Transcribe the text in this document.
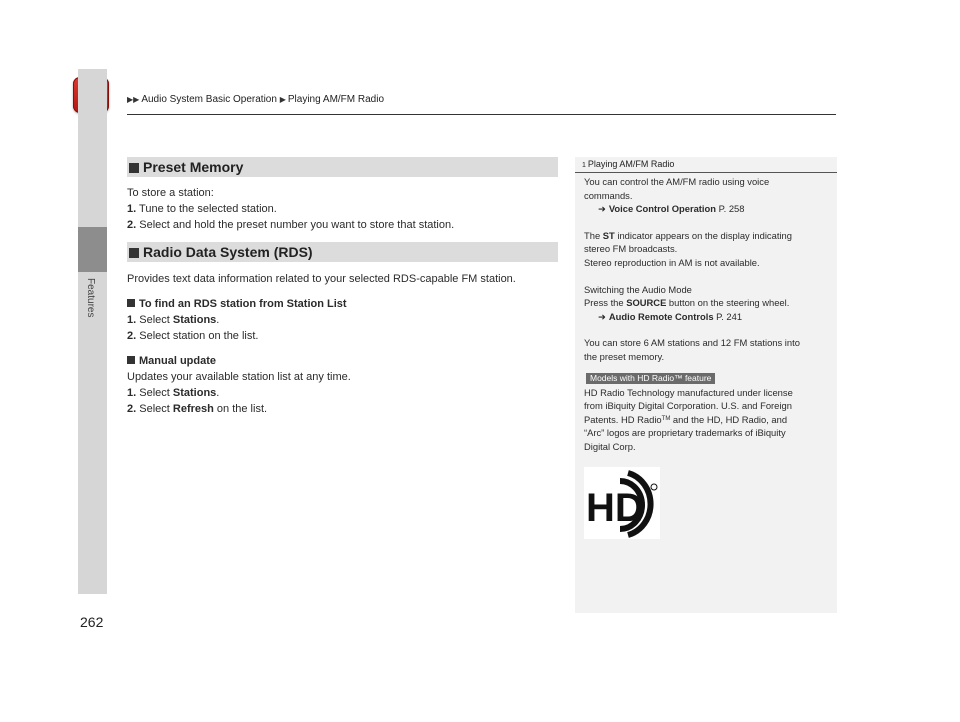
▶▶ Audio System Basic Operation ▶ Playing AM/FM Radio
Features
262
Preset Memory

To store a station:

1. Tune to the selected station.

2. Select and hold the preset number you want to store that station.

Radio Data System (RDS)

Provides text data information related to your selected RDS-capable FM station.

To find an RDS station from Station List

1. Select Stations.

2. Select station on the list.

Manual update

Updates your available station list at any time.

1. Select Stations.

2. Select Refresh on the list.

1 Playing AM/FM Radio

You can control the AM/FM radio using voice

commands.

➜ Voice Control Operation P. 258

The ST indicator appears on the display indicating

stereo FM broadcasts.

Stereo reproduction in AM is not available.

Switching the Audio Mode

Press the SOURCE button on the steering wheel.

➜ Audio Remote Controls P. 241

You can store 6 AM stations and 12 FM stations into

the preset memory.

Models with HD Radio™ feature

HD Radio Technology manufactured under license

from iBiquity Digital Corporation. U.S. and Foreign

Patents. HD Radio™ and the HD, HD Radio, and

“Arc” logos are proprietary trademarks of iBiquity

Digital Corp.

HD
